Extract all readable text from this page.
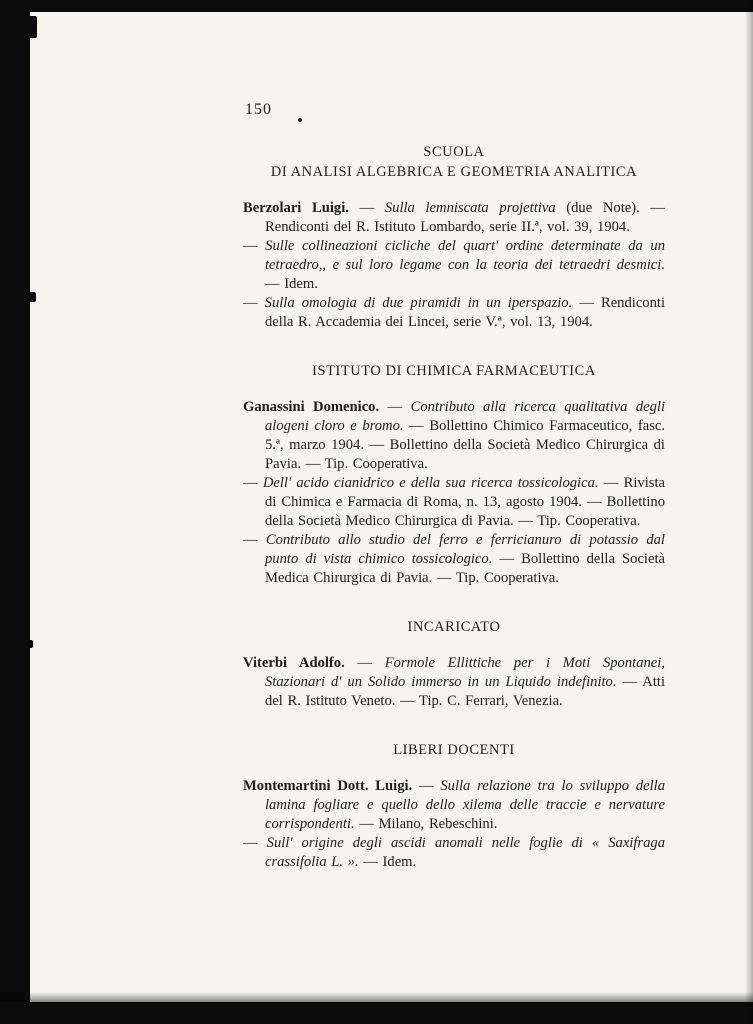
150
SCUOLA
DI ANALISI ALGEBRICA E GEOMETRIA ANALITICA

Berzolari Luigi. — Sulla lemniscata projettiva (due Note). — Rendiconti del R. Istituto Lombardo, serie II.ª, vol. 39, 1904.

— Sulle collineazioni cicliche del quart' ordine determinate da un tetraedro,, e sul loro legame con la teoria dei tetraedri desmici. — Idem.

— Sulla omologia di due piramidi in un iperspazio. — Rendiconti della R. Accademia dei Lincei, serie V.ª, vol. 13, 1904.

ISTITUTO DI CHIMICA FARMACEUTICA

Ganassini Domenico. — Contributo alla ricerca qualitativa degli alogeni cloro e bromo. — Bollettino Chimico Farmaceutico, fasc. 5.ª, marzo 1904. — Bollettino della Società Medico Chirurgica di Pavia. — Tip. Cooperativa.

— Dell' acido cianidrico e della sua ricerca tossicologica. — Rivista di Chimica e Farmacia di Roma, n. 13, agosto 1904. — Bollettino della Società Medico Chirurgica di Pavia. — Tip. Cooperativa.

— Contributo allo studio del ferro e ferricianuro di potassio dal punto di vista chimico tossicologico. — Bollettino della Società Medica Chirurgica di Pavia. — Tip. Cooperativa.

INCARICATO

Viterbi Adolfo. — Formole Ellittiche per i Moti Spontanei, Stazionari d' un Solido immerso in un Liquido indefinito. — Atti del R. Istituto Veneto. — Tip. C. Ferrari, Venezia.

LIBERI DOCENTI

Montemartini Dott. Luigi. — Sulla relazione tra lo sviluppo della lamina fogliare e quello dello xilema delle traccie e nervature corrispondenti. — Milano, Rebeschini.

— Sull' origine degli ascidi anomali nelle foglie di « Saxifraga crassifolia L. ». — Idem.
